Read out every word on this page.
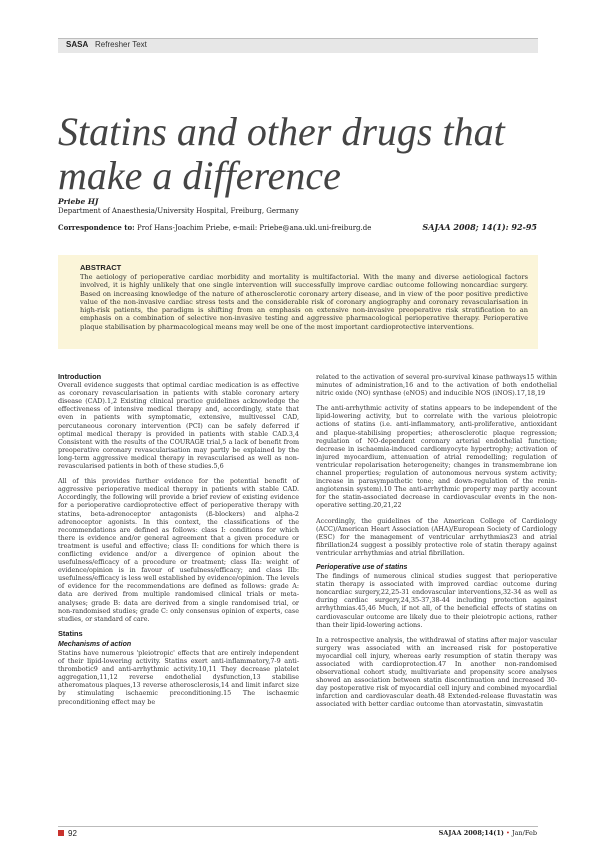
SASA Refresher Text
Statins and other drugs that make a difference
Priebe HJ
Department of Anaesthesia/University Hospital, Freiburg, Germany
Correspondence to: Prof Hans-Joachim Priebe, e-mail: Priebe@ana.ukl.uni-freiburg.de	SAJAA 2008; 14(1): 92-95
ABSTRACT

The aetiology of perioperative cardiac morbidity and mortality is multifactorial. With the many and diverse aetiological factors involved, it is highly unlikely that one single intervention will successfully improve cardiac outcome following noncardiac surgery. Based on increasing knowledge of the nature of atherosclerotic coronary artery disease, and in view of the poor positive predictive value of the non-invasive cardiac stress tests and the considerable risk of coronary angiography and coronary revascularisation in high-risk patients, the paradigm is shifting from an emphasis on extensive non-invasive preoperative risk stratification to an emphasis on a combination of selective non-invasive testing and aggressive pharmacological perioperative therapy. Perioperative plaque stabilisation by pharmacological means may well be one of the most important cardioprotective interventions.

Introduction

Overall evidence suggests that optimal cardiac medication is as effective as coronary revascularisation in patients with stable coronary artery disease (CAD).1,2 Existing clinical practice guidelines acknowledge the effectiveness of intensive medical therapy and, accordingly, state that even in patients with symptomatic, extensive, multivessel CAD, percutaneous coronary intervention (PCI) can be safely deferred if optimal medical therapy is provided in patients with stable CAD.3,4 Consistent with the results of the COURAGE trial,5 a lack of benefit from preoperative coronary revascularisation may partly be explained by the long-term aggressive medical therapy in revascularised as well as non-revascularised patients in both of these studies.5,6

All of this provides further evidence for the potential benefit of aggressive perioperative medical therapy in patients with stable CAD. Accordingly, the following will provide a brief review of existing evidence for a perioperative cardioprotective effect of perioperative therapy with statins, beta-adrenoceptor antagonists (ß-blockers) and alpha-2 adrenoceptor agonists. In this context, the classifications of the recommendations are defined as follows: class I: conditions for which there is evidence and/or general agreement that a given procedure or treatment is useful and effective; class II: conditions for which there is conflicting evidence and/or a divergence of opinion about the usefulness/efficacy of a procedure or treatment; class IIa: weight of evidence/opinion is in favour of usefulness/efficacy; and class IIb: usefulness/efficacy is less well established by evidence/opinion. The levels of evidence for the recommendations are defined as follows: grade A: data are derived from multiple randomised clinical trials or meta-analyses; grade B: data are derived from a single randomised trial, or non-randomised studies; grade C: only consensus opinion of experts, case studies, or standard of care.

Statins
Mechanisms of action

Statins have numerous 'pleiotropic' effects that are entirely independent of their lipid-lowering activity. Statins exert anti-inflammatory,7-9 anti-thrombotic9 and anti-arrhythmic activity.10,11 They decrease platelet aggregation,11,12 reverse endothelial dysfunction,13 stabilise atheromatous plaques,13 reverse atherosclerosis,14 and limit infarct size by stimulating ischaemic preconditioning.15 The ischaemic preconditioning effect may be

related to the activation of several pro-survival kinase pathways15 within minutes of administration,16 and to the activation of both endothelial nitric oxide (NO) synthase (eNOS) and inducible NOS (iNOS).17,18,19

The anti-arrhythmic activity of statins appears to be independent of the lipid-lowering activity, but to correlate with the various pleiotropic actions of statins (i.e. anti-inflammatory, anti-proliferative, antioxidant and plaque-stabilising properties; atherosclerotic plaque regression; regulation of NO-dependent coronary arterial endothelial function; decrease in ischaemia-induced cardiomyocyte hypertrophy; activation of injured myocardium, attenuation of atrial remodelling; regulation of ventricular repolarisation heterogeneity; changes in transmembrane ion channel properties; regulation of autonomous nervous system activity; increase in parasympathetic tone; and down-regulation of the renin-angiotensin system).10 The anti-arrhythmic property may partly account for the statin-associated decrease in cardiovascular events in the non-operative setting.20,21,22

Accordingly, the guidelines of the American College of Cardiology (ACC)/American Heart Association (AHA)/European Society of Cardiology (ESC) for the management of ventricular arrhythmias23 and atrial fibrillation24 suggest a possibly protective role of statin therapy against ventricular arrhythmias and atrial fibrillation.

Perioperative use of statins

The findings of numerous clinical studies suggest that perioperative statin therapy is associated with improved cardiac outcome during noncardiac surgery,22,25-31 endovascular interventions,32-34 as well as during cardiac surgery,24,35-37,38-44 including protection against arrhythmias.45,46 Much, if not all, of the beneficial effects of statins on cardiovascular outcome are likely due to their pleiotropic actions, rather than their lipid-lowering actions.

In a retrospective analysis, the withdrawal of statins after major vascular surgery was associated with an increased risk for postoperative myocardial cell injury, whereas early resumption of statin therapy was associated with cardioprotection.47 In another non-randomised observational cohort study, multivariate and propensity score analyses showed an association between statin discontinuation and increased 30-day postoperative risk of myocardial cell injury and combined myocardial infarction and cardiovascular death.48 Extended-release fluvastatin was associated with better cardiac outcome than atorvastatin, simvastatin

92	SAJAA 2008;14(1) • Jan/Feb
